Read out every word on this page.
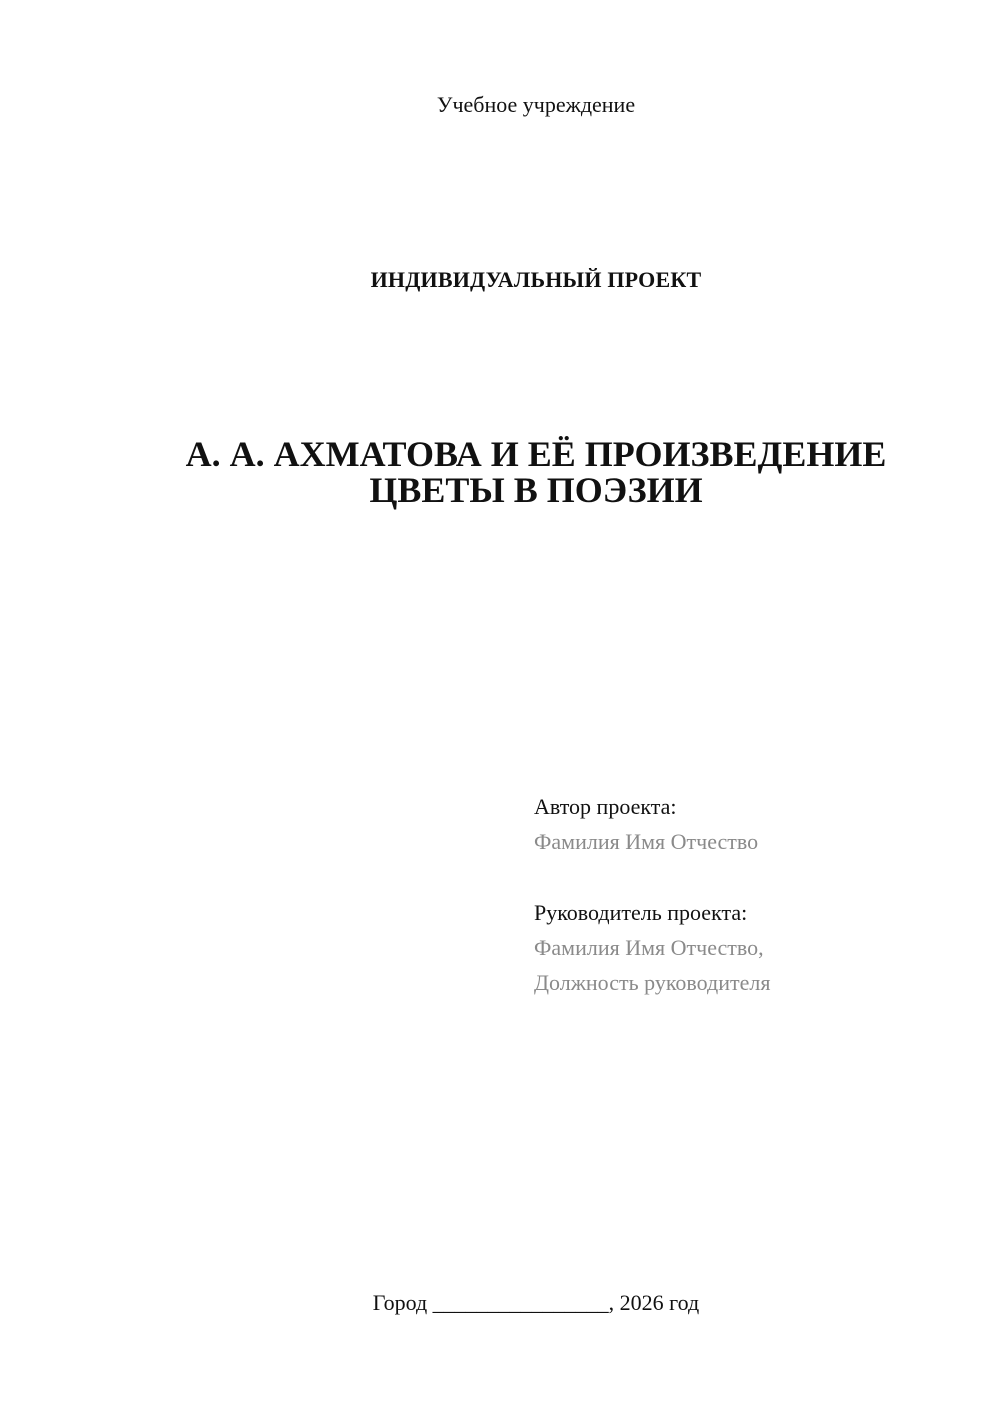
Учебное учреждение
ИНДИВИДУАЛЬНЫЙ ПРОЕКТ
А. А. АХМАТОВА И ЕЁ ПРОИЗВЕДЕНИЕ
ЦВЕТЫ В ПОЭЗИИ
Автор проекта:
Фамилия Имя Отчество
Руководитель проекта:
Фамилия Имя Отчество,
Должность руководителя
Город ________________, 2026 год
